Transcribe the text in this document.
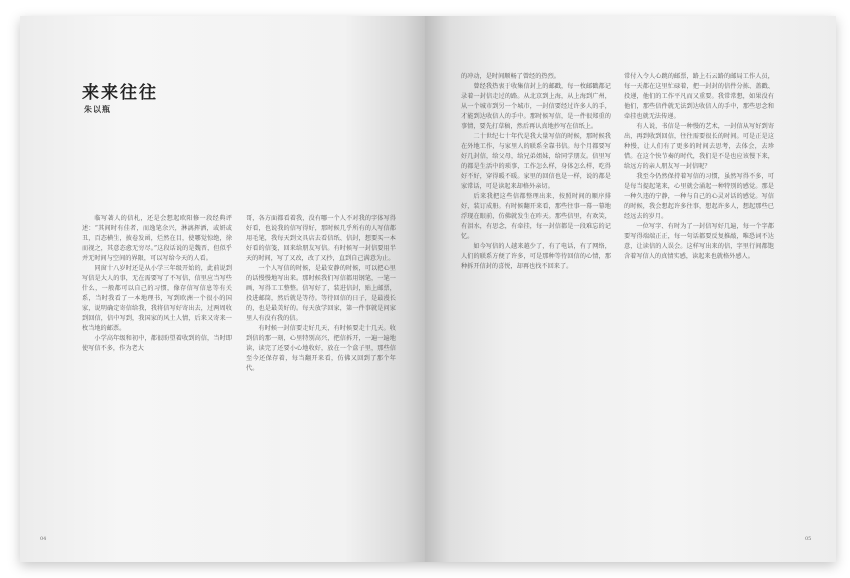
来来往往
朱以瓶

临写著人的信札，还是会想起欧阳修一段经典评述：“其间时有佳者，而逸笔余兴，淋漓挥洒，或妍或丑，百态横生，披卷发函，烂然在目，使哪觉惊绝，徐而视之，其意态愈无穷尽。”这段话说的是魏晋，但似乎并无时间与空间的界限，可以写给今天的人看。

同窗十八岁时还是从小学三年级开始的，此前说到写信是大人的事，无在需要写了不写信，信里应当写些什么，一般都可以自己的习惯，像存信写信息等有关系，当时我看了一本地理书，写到欧洲一个很小的国家，说明确定寄信给我，我将信写好寄出去，过两周收到回信，信中写到，我国家的风土人情，后来又寄来一枚当地的邮票。

小学高年级和初中，都很盼望着收到的信，当时即使写信不多，作为老大

哥，各方面都看着我，没有哪一个人不对我的字体写得好看，也说我的信写得好，那时候几乎所有的人写信都用毛笔，我每天到文具店去看信纸、信封，想要买一本好看的信笺，回来给朋友写信。有时候写一封信要用半天的时间，写了又改，改了又抄，直到自己满意为止。

一个人写信的时候，是最安静的时候，可以把心里的话慢慢地写出来。那时候我们写信都用钢笔，一笔一画，写得工工整整。信写好了，装进信封，贴上邮票，投进邮筒，然后就是等待。等待回信的日子，是最漫长的，也是最美好的。每天放学回家，第一件事就是问家里人有没有我的信。

有时候一封信要走好几天，有时候要走十几天。收到信的那一刻，心里特别高兴，把信拆开，一遍一遍地读，读完了还要小心地收好，放在一个盒子里，那些信至今还保存着，每当翻开来看，仿佛又回到了那个年代。

04

的冲动，是时间顺畅了曾经的热烈。

曾经我热衷于收集信封上的邮戳，每一枚邮戳都记录着一封信走过的路。从北京到上海，从上海到广州，从一个城市到另一个城市，一封信要经过许多人的手，才能到达收信人的手中。那时候写信，是一件很郑重的事情，要先打草稿，然后再认真地抄写在信纸上。

二十世纪七十年代是我大量写信的时候，那时候我在外地工作，与家里人的联系全靠书信。每个月都要写好几封信，给父母，给兄弟姐妹，给同学朋友。信里写的都是生活中的琐事，工作怎么样，身体怎么样，吃得好不好，穿得暖不暖。家里的回信也是一样，说的都是家常话，可是读起来却格外亲切。

后来我把这些信都整理出来，按照时间的顺序排好，装订成册。有时候翻开来看，那些往事一幕一幕地浮现在眼前，仿佛就发生在昨天。那些信里，有欢笑，有泪水，有思念，有牵挂，每一封信都是一段难忘的记忆。

如今写信的人越来越少了，有了电话，有了网络，人们的联系方便了许多，可是那种等待回信的心情，那种拆开信封的喜悦，却再也找不回来了。

常付入令人心跳的邮票，路上石云路的邮局工作人员，每一天都在这里忙碌着，把一封封的信件分拣、盖戳、投递，他们的工作平凡而又重要。我常常想，如果没有他们，那些信件就无法到达收信人的手中，那些思念和牵挂也就无法传递。

有人说，书信是一种慢的艺术，一封信从写好到寄出，再到收到回信，往往需要很长的时间。可是正是这种慢，让人们有了更多的时间去思考，去体会，去珍惜。在这个快节奏的时代，我们是不是也应该慢下来，给远方的亲人朋友写一封信呢？

我至今仍然保持着写信的习惯，虽然写得不多，可是每当提起笔来，心里就会涌起一种特别的感觉。那是一种久违的宁静，一种与自己的心灵对话的感觉。写信的时候，我会想起许多往事，想起许多人，想起那些已经远去的岁月。

一位写字、有时为了一封信写好几遍，每一个字都要写得端端正正，每一句话都要反复推敲，唯恐词不达意，让读信的人误会。这样写出来的信，字里行间都饱含着写信人的真情实感，读起来也就格外感人。

05
